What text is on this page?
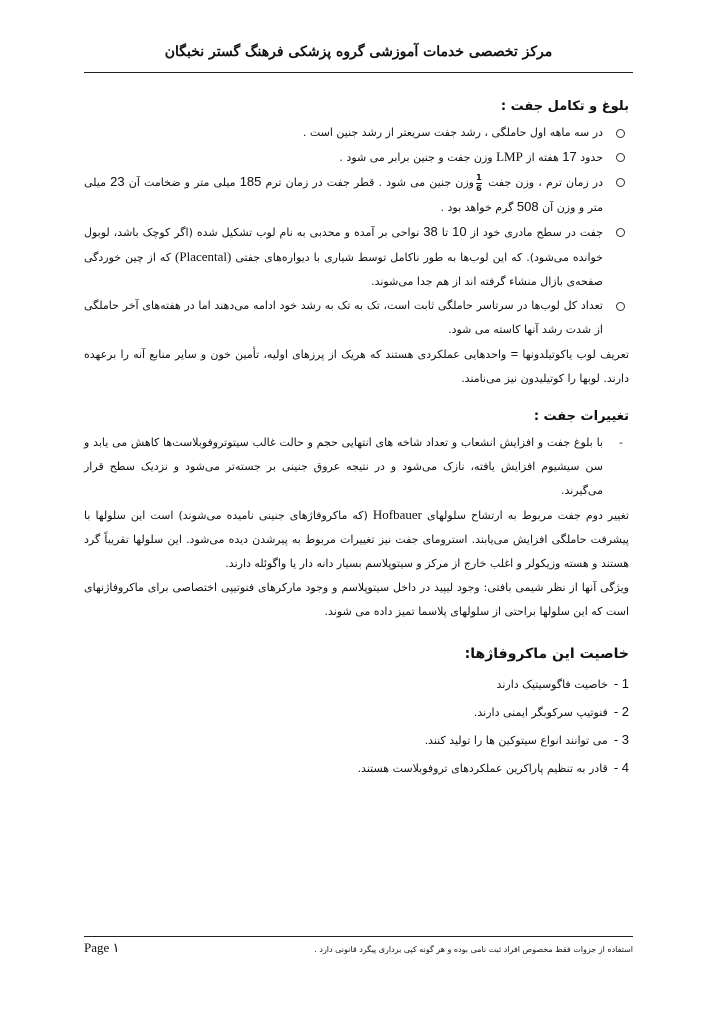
مرکز تخصصی خدمات آموزشی گروه پزشکی فرهنگ گستر نخبگان
بلوغ و تکامل جفت :
در سه ماهه اول حاملگی ، رشد جفت سریعتر از رشد جنین است .
حدود 17 هفته از LMP وزن جفت و جنین برابر می شود .
در زمان ترم ، وزن جفت $\frac{1}{6}وزن$ جنین می شود . قطر جفت در زمان ترم 185 میلی متر و ضخامت آن 23 میلی متر و وزن آن 508 گرم خواهد بود .
جفت در سطح مادری خود از 10 تا 38 نواحی بر آمده و محدبی به نام لوب تشکیل شده (اگر کوچک باشد، لوبول خوانده می‌شود). که این لوب‌ها به طور ناکامل توسط شیاری با دیواره‌های جفتی (Placental) که از چین خوردگی صفحه‌ی بازال منشاء گرفته اند از هم جدا می‌شوند.
تعداد کل لوب‌ها در سرتاسر حاملگی ثابت است، تک به تک به رشد خود ادامه می‌دهند اما در هفته‌های آخر حاملگی از شدت رشد آنها کاسته می شود.

تعریف لوب یاکوتیلدونها = واحدهایی عملکردی هستند که هریک از پرزهای اولیه، تأمین خون و سایر منابع آنه را برعهده دارند. لوبها را کوتیلیدون نیز می‌نامند.

تغییرات جفت :
- با بلوغ جفت و افزایش انشعاب و تعداد شاخه های انتهایی حجم و حالت غالب سیتوتروفوبلاست‌ها کاهش می یابد و سن سیشیوم افزایش یافته، نازک می‌شود و در نتیجه عروق جنینی بر جسته‌تر می‌شود و نزدیک سطح قرار می‌گیرند.

تغییر دوم جفت مربوط به ارتشاح سلولهای Hofbauer (که ماکروفاژهای جنینی نامیده می‌شوند) است این سلولها با پیشرفت حاملگی افزایش می‌یابند. استرومای جفت نیز تغییرات مربوط به پیرشدن دیده می‌شود. این سلولها تقریباً گرد هستند و هسته وزیکولر و اغلب خارج از مرکز و سیتوپلاسم بسیار دانه دار یا واگوئله دارند.

ویژگی آنها از نظر شیمی بافتی: وجود لیپید در داخل سیتوپلاسم و وجود مارکرهای فنوتیپی اختصاصی برای ماکروفاژنهای است که این سلولها براحتی از سلولهای پلاسما تمیز داده می شوند.

خاصیت این ماکروفاژها:
1 -خاصیت فاگوسیتیک دارند
2 -فنوتیپ سرکوبگر ایمنی دارند.
3 -می توانند انواع سیتوکین ها را تولید کنند.
4 -قادر به تنظیم پاراکرین عملکردهای تروفوبلاست هستند.
استفاده از جزوات فقط مخصوص افراد ثبت نامی بوده و هر گونه کپی برداری پیگرد قانونی دارد .
Page ۱
